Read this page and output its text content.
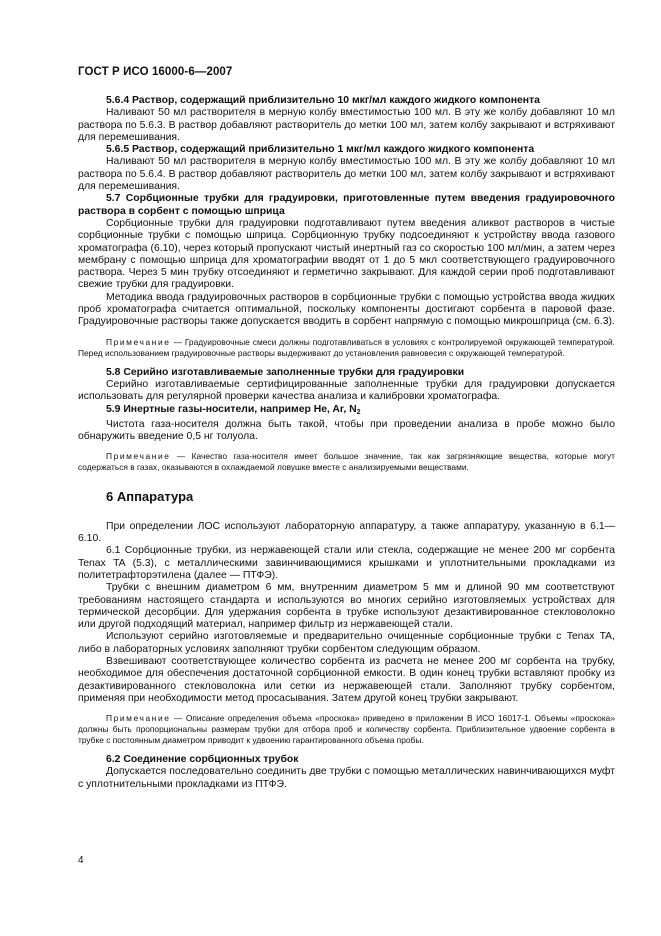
ГОСТ Р ИСО 16000-6—2007

5.6.4 Раствор, содержащий приблизительно 10 мкг/мл каждого жидкого компонента

Наливают 50 мл растворителя в мерную колбу вместимостью 100 мл. В эту же колбу добавляют 10 мл раствора по 5.6.3. В раствор добавляют растворитель до метки 100 мл, затем колбу закрывают и встряхивают для перемешивания.

5.6.5 Раствор, содержащий приблизительно 1 мкг/мл каждого жидкого компонента

Наливают 50 мл растворителя в мерную колбу вместимостью 100 мл. В эту же колбу добавляют 10 мл раствора по 5.6.4. В раствор добавляют растворитель до метки 100 мл, затем колбу закрывают и встряхивают для перемешивания.

5.7 Сорбционные трубки для градуировки, приготовленные путем введения градуировочного раствора в сорбент с помощью шприца

Сорбционные трубки для градуировки подготавливают путем введения аликвот растворов в чистые сорбционные трубки с помощью шприца. Сорбционную трубку подсоединяют к устройству ввода газового хроматографа (6.10), через который пропускают чистый инертный газ со скоростью 100 мл/мин, а затем через мембрану с помощью шприца для хроматографии вводят от 1 до 5 мкл соответствующего градуировочного раствора. Через 5 мин трубку отсоединяют и герметично закрывают. Для каждой серии проб подготавливают свежие трубки для градуировки.

Методика ввода градуировочных растворов в сорбционные трубки с помощью устройства ввода жидких проб хроматографа считается оптимальной, поскольку компоненты достигают сорбента в паровой фазе. Градуировочные растворы также допускается вводить в сорбент напрямую с помощью микрошприца (см. 6.3).

Примечание — Градуировочные смеси должны подготавливаться в условиях с контролируемой окружающей температурой. Перед использованием градуировочные растворы выдерживают до установления равновесия с окружающей температурой.

5.8 Серийно изготавливаемые заполненные трубки для градуировки

Серийно изготавливаемые сертифицированные заполненные трубки для градуировки допускается использовать для регулярной проверки качества анализа и калибровки хроматографа.

5.9 Инертные газы-носители, например He, Ar, $N_2$

Чистота газа-носителя должна быть такой, чтобы при проведении анализа в пробе можно было обнаружить введение 0,5 нг толуола.

Примечание — Качество газа-носителя имеет большое значение, так как загрязняющие вещества, которые могут содержаться в газах, оказываются в охлаждаемой ловушке вместе с анализируемыми веществами.

6 Аппаратура

При определении ЛОС используют лабораторную аппаратуру, а также аппаратуру, указанную в 6.1—6.10.

6.1 Сорбционные трубки, из нержавеющей стали или стекла, содержащие не менее 200 мг сорбента Tenax TA (5.3), с металлическими завинчивающимися крышками и уплотнительными прокладками из политетрафторэтилена (далее — ПТФЭ).

Трубки с внешним диаметром 6 мм, внутренним диаметром 5 мм и длиной 90 мм соответствуют требованиям настоящего стандарта и используются во многих серийно изготовляемых устройствах для термической десорбции. Для удержания сорбента в трубке используют дезактивированное стекловолокно или другой подходящий материал, например фильтр из нержавеющей стали.

Используют серийно изготовляемые и предварительно очищенные сорбционные трубки с Tenax TA, либо в лабораторных условиях заполняют трубки сорбентом следующим образом.

Взвешивают соответствующее количество сорбента из расчета не менее 200 мг сорбента на трубку, необходимое для обеспечения достаточной сорбционной емкости. В один конец трубки вставляют пробку из дезактивированного стекловолокна или сетки из нержавеющей стали. Заполняют трубку сорбентом, применяя при необходимости метод просасывания. Затем другой конец трубки закрывают.

Примечание — Описание определения объема «проскока» приведено в приложении В ИСО 16017-1. Объемы «проскока» должны быть пропорциональны размерам трубки для отбора проб и количеству сорбента. Приблизительное удвоение сорбента в трубке с постоянным диаметром приводит к удвоению гарантированного объема пробы.

6.2 Соединение сорбционных трубок

Допускается последовательно соединить две трубки с помощью металлических навинчивающихся муфт с уплотнительными прокладками из ПТФЭ.

4
